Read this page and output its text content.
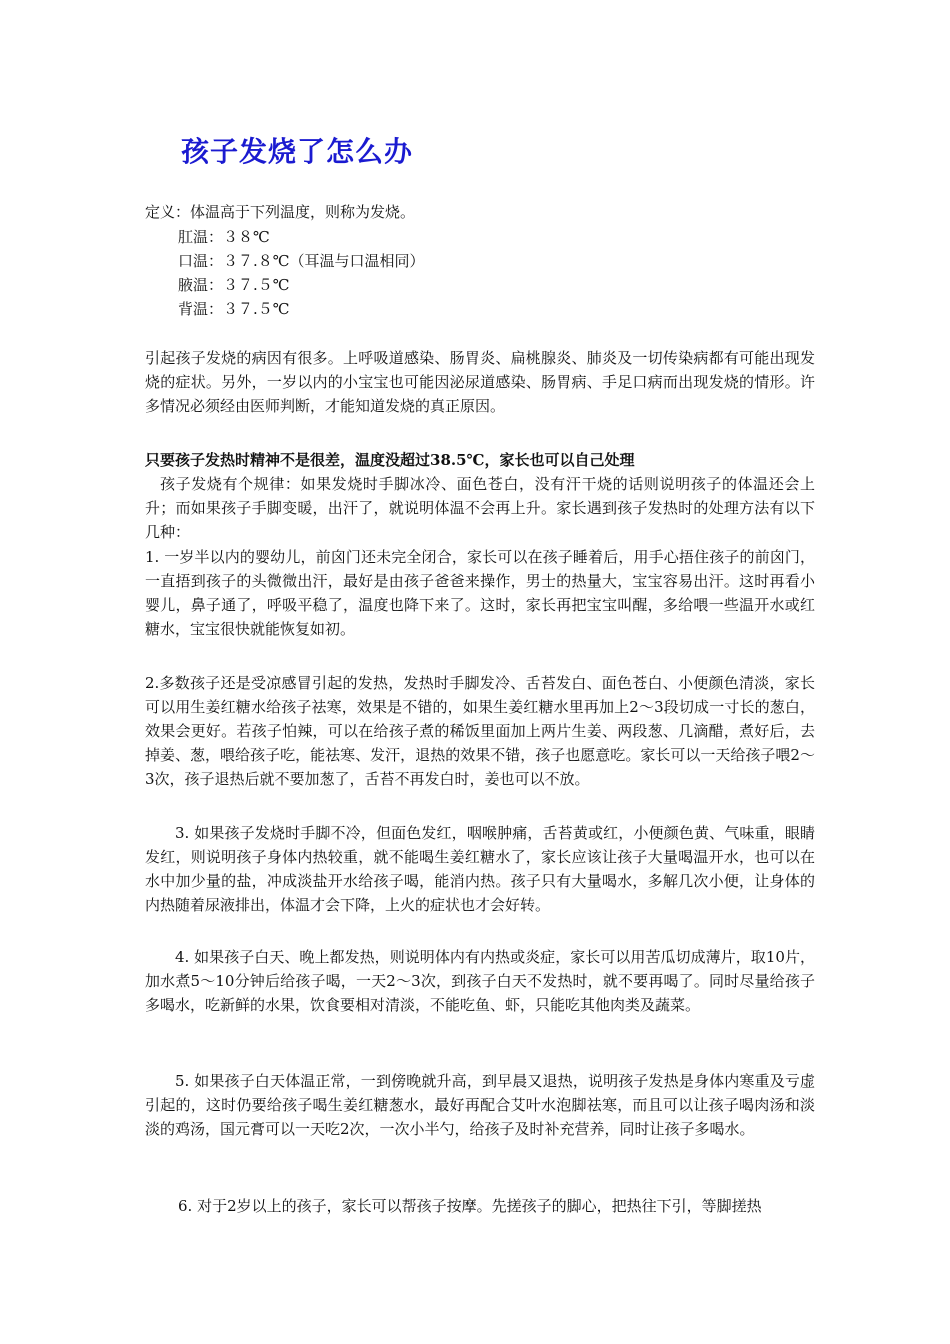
孩子发烧了怎么办
定义：体温高于下列温度，则称为发烧。
肛温：３８℃
口温：３７.８℃（耳温与口温相同）
腋温：３７.５℃
背温：３７.５℃

引起孩子发烧的病因有很多。上呼吸道感染、肠胃炎、扁桃腺炎、肺炎及一切传染病都有可能出现发烧的症状。另外，一岁以内的小宝宝也可能因泌尿道感染、肠胃病、手足口病而出现发烧的情形。许多情况必须经由医师判断，才能知道发烧的真正原因。

只要孩子发热时精神不是很差，温度没超过38.5℃，家长也可以自己处理

孩子发烧有个规律：如果发烧时手脚冰冷、面色苍白，没有汗干烧的话则说明孩子的体温还会上升；而如果孩子手脚变暖，出汗了，就说明体温不会再上升。家长遇到孩子发热时的处理方法有以下几种：

1. 一岁半以内的婴幼儿，前囟门还未完全闭合，家长可以在孩子睡着后，用手心捂住孩子的前囟门，一直捂到孩子的头微微出汗，最好是由孩子爸爸来操作，男士的热量大，宝宝容易出汗。这时再看小婴儿，鼻子通了，呼吸平稳了，温度也降下来了。这时，家长再把宝宝叫醒，多给喂一些温开水或红糖水，宝宝很快就能恢复如初。

2.多数孩子还是受凉感冒引起的发热，发热时手脚发冷、舌苔发白、面色苍白、小便颜色清淡，家长可以用生姜红糖水给孩子祛寒，效果是不错的，如果生姜红糖水里再加上2～3段切成一寸长的葱白，效果会更好。若孩子怕辣，可以在给孩子煮的稀饭里面加上两片生姜、两段葱、几滴醋，煮好后，去掉姜、葱，喂给孩子吃，能祛寒、发汗，退热的效果不错，孩子也愿意吃。家长可以一天给孩子喂2～3次，孩子退热后就不要加葱了，舌苔不再发白时，姜也可以不放。

3. 如果孩子发烧时手脚不冷，但面色发红，咽喉肿痛，舌苔黄或红，小便颜色黄、气味重，眼睛发红，则说明孩子身体内热较重，就不能喝生姜红糖水了，家长应该让孩子大量喝温开水，也可以在水中加少量的盐，冲成淡盐开水给孩子喝，能消内热。孩子只有大量喝水，多解几次小便，让身体的内热随着尿液排出，体温才会下降，上火的症状也才会好转。

4. 如果孩子白天、晚上都发热，则说明体内有内热或炎症，家长可以用苦瓜切成薄片，取10片，加水煮5～10分钟后给孩子喝，一天2～3次，到孩子白天不发热时，就不要再喝了。同时尽量给孩子多喝水，吃新鲜的水果，饮食要相对清淡，不能吃鱼、虾，只能吃其他肉类及蔬菜。

5. 如果孩子白天体温正常，一到傍晚就升高，到早晨又退热，说明孩子发热是身体内寒重及亏虚引起的，这时仍要给孩子喝生姜红糖葱水，最好再配合艾叶水泡脚祛寒，而且可以让孩子喝肉汤和淡淡的鸡汤，国元膏可以一天吃2次，一次小半勺，给孩子及时补充营养，同时让孩子多喝水。

6. 对于2岁以上的孩子，家长可以帮孩子按摩。先搓孩子的脚心，把热往下引，等脚搓热
